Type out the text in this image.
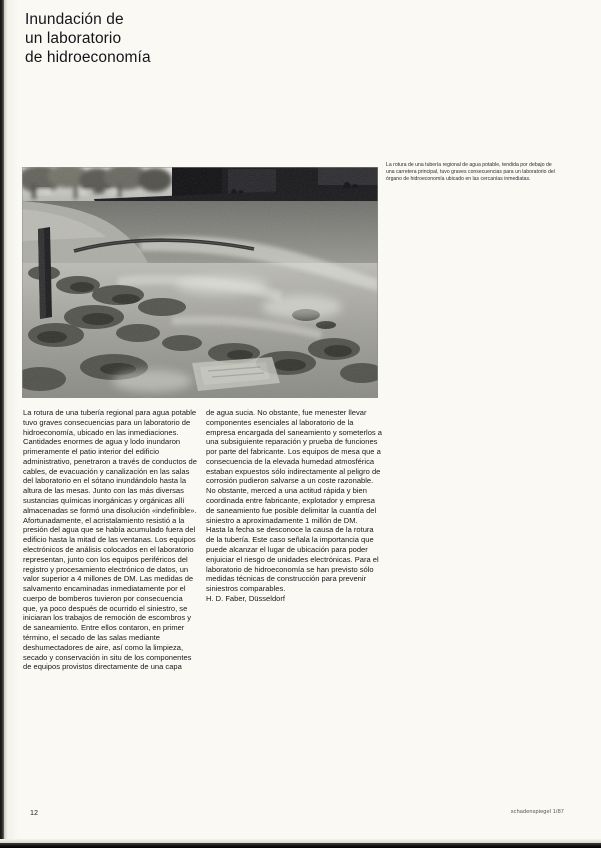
Inundación de
un laboratorio
de hidroeconomía
La rotura de una tubería regional de agua potable, tendida por debajo de una carretera principal, tuvo graves consecuencias para un laboratorio del órgano de hidroeconomía ubicado en las cercanías inmediatas.

La rotura de una tubería regional para agua potable tuvo graves consecuencias para un laboratorio de hidroeconomía, ubicado en las inmediaciones. Cantidades enormes de agua y lodo inundaron primeramente el patio interior del edificio administrativo, penetraron a través de conductos de cables, de evacuación y canalización en las salas del laboratorio en el sótano inundándolo hasta la altura de las mesas. Junto con las más diversas sustancias químicas inorgánicas y orgánicas allí almacenadas se formó una disolución «indefinible». Afortunadamente, el acristalamiento resistió a la presión del agua que se había acumulado fuera del edificio hasta la mitad de las ventanas. Los equipos electrónicos de análisis colocados en el laboratorio representan, junto con los equipos periféricos del registro y procesamiento electrónico de datos, un valor superior a 4 millones de DM. Las medidas de salvamento encaminadas inmediatamente por el cuerpo de bomberos tuvieron por consecuencia que, ya poco después de ocurrido el siniestro, se iniciaran los trabajos de remoción de escombros y de saneamiento. Entre ellos contaron, en primer término, el secado de las salas mediante deshumectadores de aire, así como la limpieza, secado y conservación in situ de los componentes de equipos provistos directamente de una capa

de agua sucia. No obstante, fue menester llevar componentes esenciales al laboratorio de la empresa encargada del saneamiento y someterlos a una subsiguiente reparación y prueba de funciones por parte del fabricante. Los equipos de mesa que a consecuencia de la elevada humedad atmosférica estaban expuestos sólo indirectamente al peligro de corrosión pudieron salvarse a un coste razonable.

No obstante, merced a una actitud rápida y bien coordinada entre fabricante, explotador y empresa de saneamiento fue posible delimitar la cuantía del siniestro a aproximadamente 1 millón de DM.

Hasta la fecha se desconoce la causa de la rotura de la tubería. Este caso señala la importancia que puede alcanzar el lugar de ubicación para poder enjuiciar el riesgo de unidades electrónicas. Para el laboratorio de hidroeconomía se han previsto sólo medidas técnicas de construcción para prevenir siniestros comparables.

H. D. Faber, Düsseldorf

12	schadenspiegel 1/87
